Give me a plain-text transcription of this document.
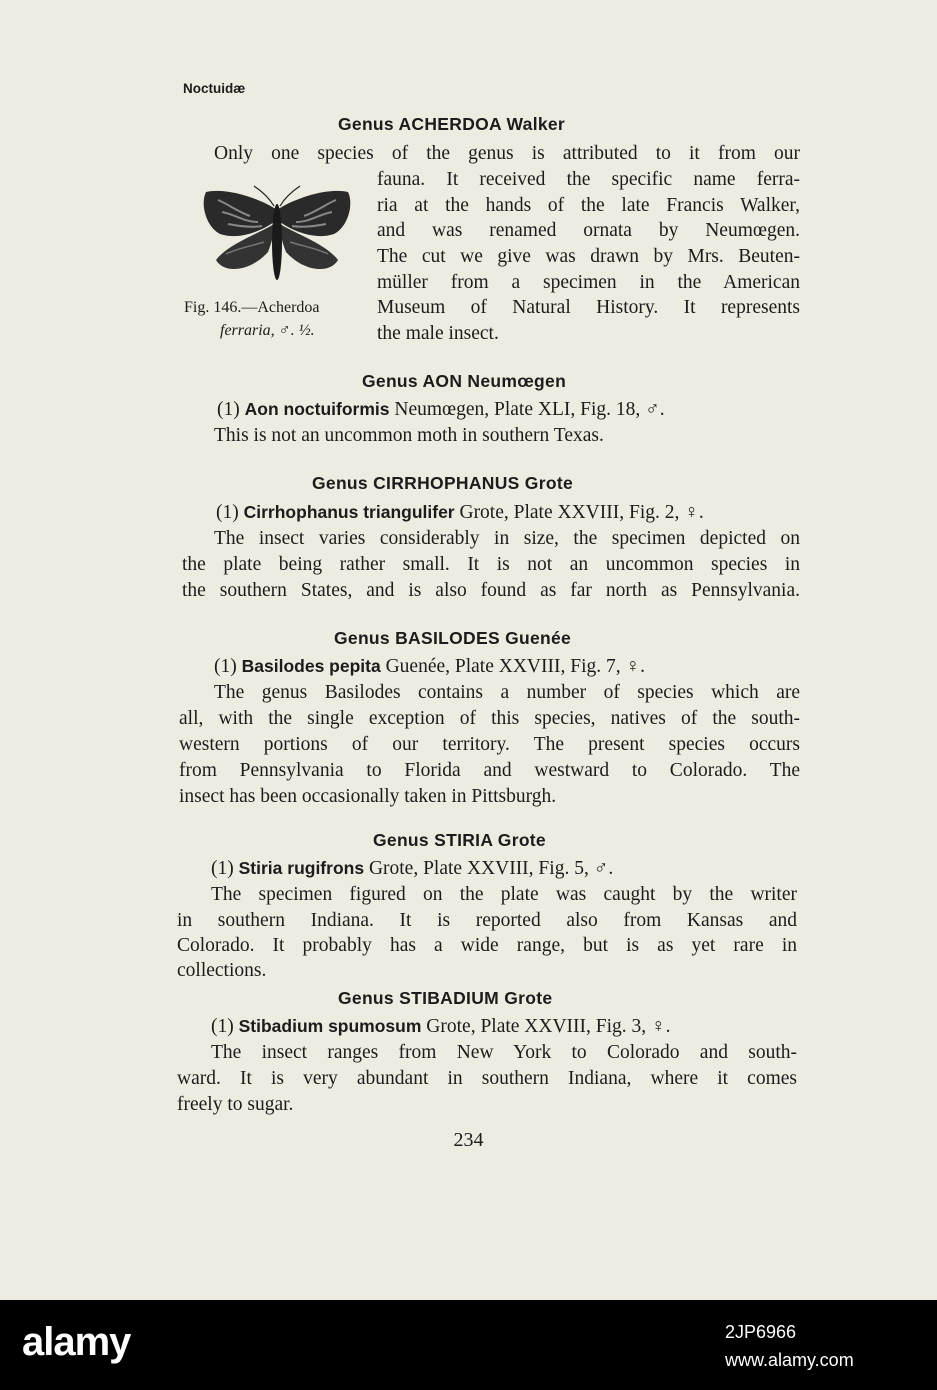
Noctuidæ
Genus ACHERDOA Walker
Only one species of the genus is attributed to it from our
Fig. 146.—Acherdoa
ferraria, ♂. ½.
fauna. It received the specific name ferra-
ria at the hands of the late Francis Walker,
and was renamed ornata by Neumœgen.
The cut we give was drawn by Mrs. Beuten-
müller from a specimen in the American
Museum of Natural History. It represents
the male insect.
Genus AON Neumœgen
(1) Aon noctuiformis Neumœgen, Plate XLI, Fig. 18, ♂.
This is not an uncommon moth in southern Texas.
Genus CIRRHOPHANUS Grote
(1) Cirrhophanus triangulifer Grote, Plate XXVIII, Fig. 2, ♀.
The insect varies considerably in size, the specimen depicted on
the plate being rather small. It is not an uncommon species in
the southern States, and is also found as far north as Pennsylvania.
Genus BASILODES Guenée
(1) Basilodes pepita Guenée, Plate XXVIII, Fig. 7, ♀.
The genus Basilodes contains a number of species which are
all, with the single exception of this species, natives of the south-
western portions of our territory. The present species occurs
from Pennsylvania to Florida and westward to Colorado. The
insect has been occasionally taken in Pittsburgh.
Genus STIRIA Grote
(1) Stiria rugifrons Grote, Plate XXVIII, Fig. 5, ♂.
The specimen figured on the plate was caught by the writer
in southern Indiana. It is reported also from Kansas and
Colorado. It probably has a wide range, but is as yet rare in
collections.
Genus STIBADIUM Grote
(1) Stibadium spumosum Grote, Plate XXVIII, Fig. 3, ♀.
The insect ranges from New York to Colorado and south-
ward. It is very abundant in southern Indiana, where it comes
freely to sugar.
234
alamy	2JP6966
www.alamy.com
